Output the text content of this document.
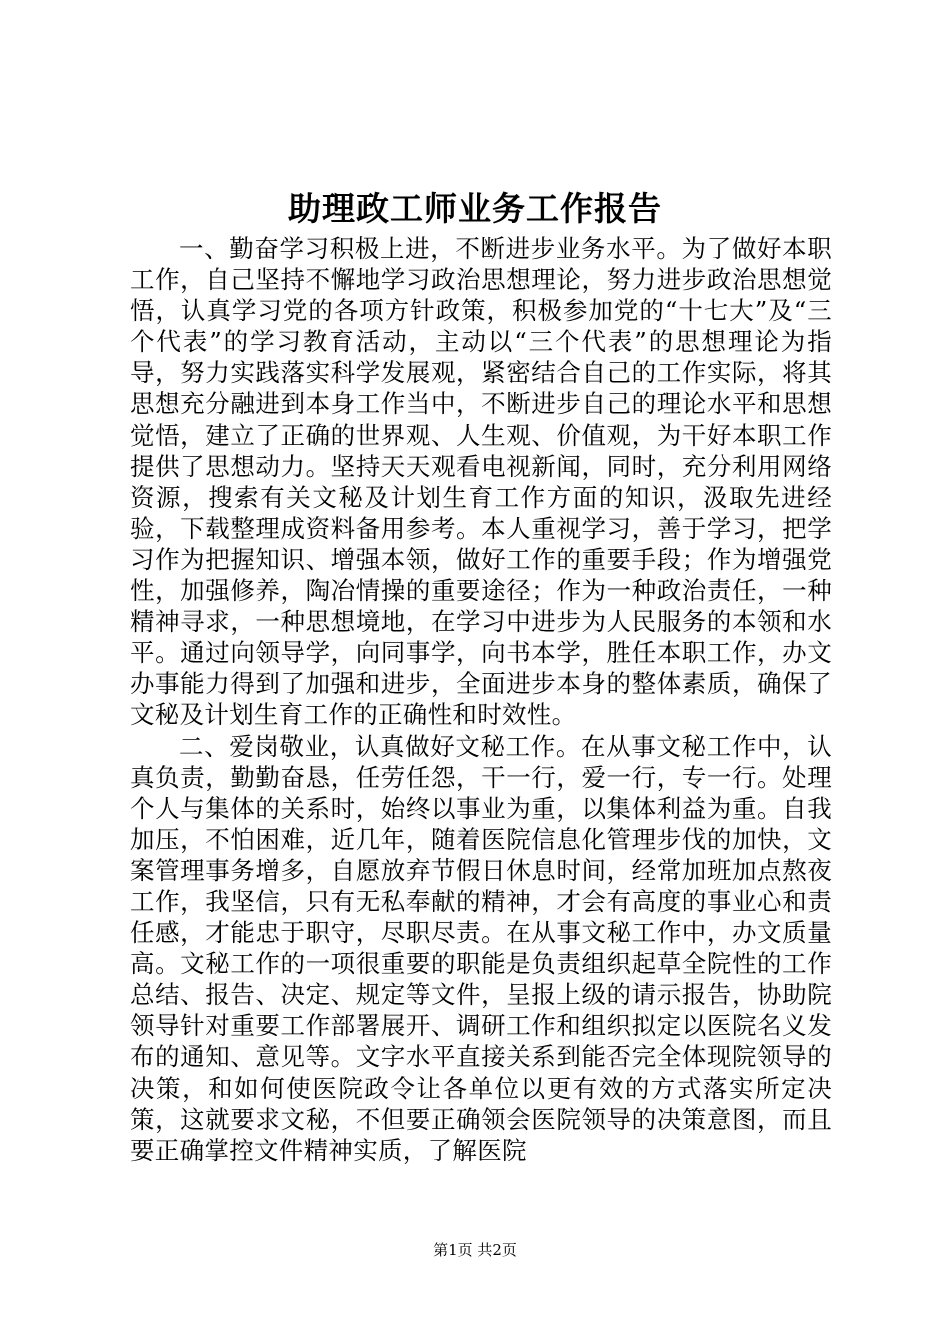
助理政工师业务工作报告

一、勤奋学习积极上进，不断进步业务水平。为了做好本职工作，自己坚持不懈地学习政治思想理论，努力进步政治思想觉悟，认真学习党的各项方针政策，积极参加党的“十七大”及“三个代表”的学习教育活动，主动以“三个代表”的思想理论为指导，努力实践落实科学发展观，紧密结合自己的工作实际，将其思想充分融进到本身工作当中，不断进步自己的理论水平和思想觉悟，建立了正确的世界观、人生观、价值观，为干好本职工作提供了思想动力。坚持天天观看电视新闻，同时，充分利用网络资源，搜索有关文秘及计划生育工作方面的知识，汲取先进经验，下载整理成资料备用参考。本人重视学习，善于学习，把学习作为把握知识、增强本领，做好工作的重要手段；作为增强党性，加强修养，陶冶情操的重要途径；作为一种政治责任，一种精神寻求，一种思想境地，在学习中进步为人民服务的本领和水平。通过向领导学，向同事学，向书本学，胜任本职工作，办文办事能力得到了加强和进步，全面进步本身的整体素质，确保了文秘及计划生育工作的正确性和时效性。

二、爱岗敬业，认真做好文秘工作。在从事文秘工作中，认真负责，勤勤奋恳，任劳任怨，干一行，爱一行，专一行。处理个人与集体的关系时，始终以事业为重，以集体利益为重。自我加压，不怕困难，近几年，随着医院信息化管理步伐的加快，文案管理事务增多，自愿放弃节假日休息时间，经常加班加点熬夜工作，我坚信，只有无私奉献的精神，才会有高度的事业心和责任感，才能忠于职守，尽职尽责。在从事文秘工作中，办文质量高。文秘工作的一项很重要的职能是负责组织起草全院性的工作总结、报告、决定、规定等文件，呈报上级的请示报告，协助院领导针对重要工作部署展开、调研工作和组织拟定以医院名义发布的通知、意见等。文字水平直接关系到能否完全体现院领导的决策，和如何使医院政令让各单位以更有效的方式落实所定决策，这就要求文秘，不但要正确领会医院领导的决策意图，而且要正确掌控文件精神实质，了解医院

第1页 共2页
